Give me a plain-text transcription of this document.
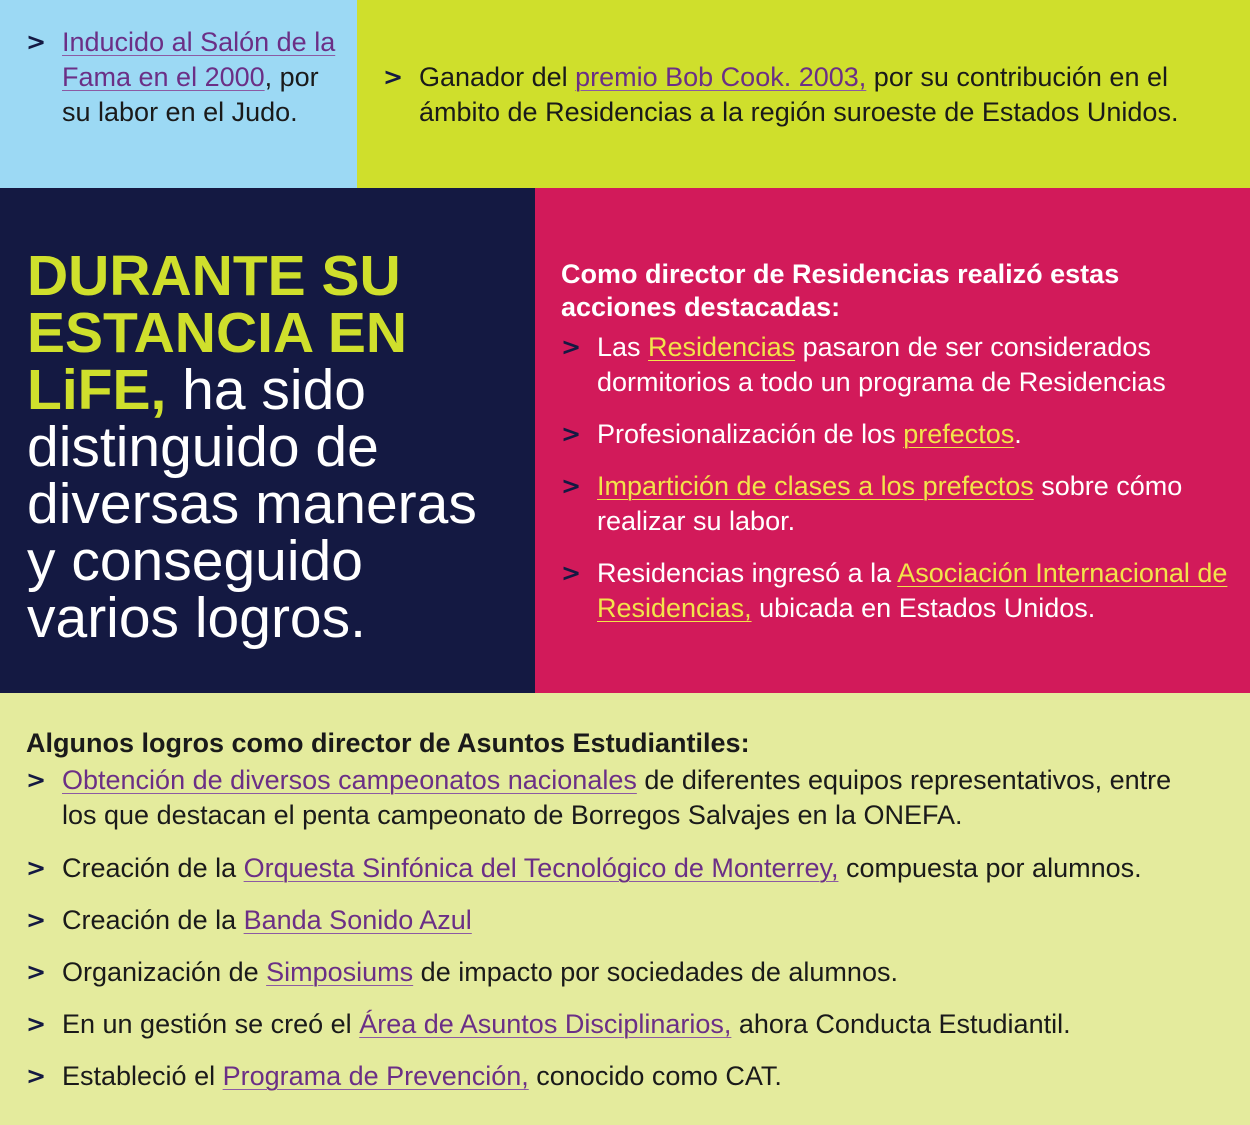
> Inducido al Salón de la Fama en el 2000, por su labor en el Judo.
> Ganador del premio Bob Cook. 2003, por su contribución en el ámbito de Residencias a la región suroeste de Estados Unidos.
DURANTE SU ESTANCIA EN LiFE, ha sido distinguido de diversas maneras y conseguido varios logros.
Como director de Residencias realizó estas acciones destacadas:
> Las Residencias pasaron de ser considerados dormitorios a todo un programa de Residencias
> Profesionalización de los prefectos.
> Impartición de clases a los prefectos sobre cómo realizar su labor.
> Residencias ingresó a la Asociación Internacional de Residencias, ubicada en Estados Unidos.
Algunos logros como director de Asuntos Estudiantiles:
> Obtención de diversos campeonatos nacionales de diferentes equipos representativos, entre los que destacan el penta campeonato de Borregos Salvajes en la ONEFA.
> Creación de la Orquesta Sinfónica del Tecnológico de Monterrey, compuesta por alumnos.
> Creación de la Banda Sonido Azul
> Organización de Simposiums de impacto por sociedades de alumnos.
> En un gestión se creó el Área de Asuntos Disciplinarios, ahora Conducta Estudiantil.
> Estableció el Programa de Prevención, conocido como CAT.
